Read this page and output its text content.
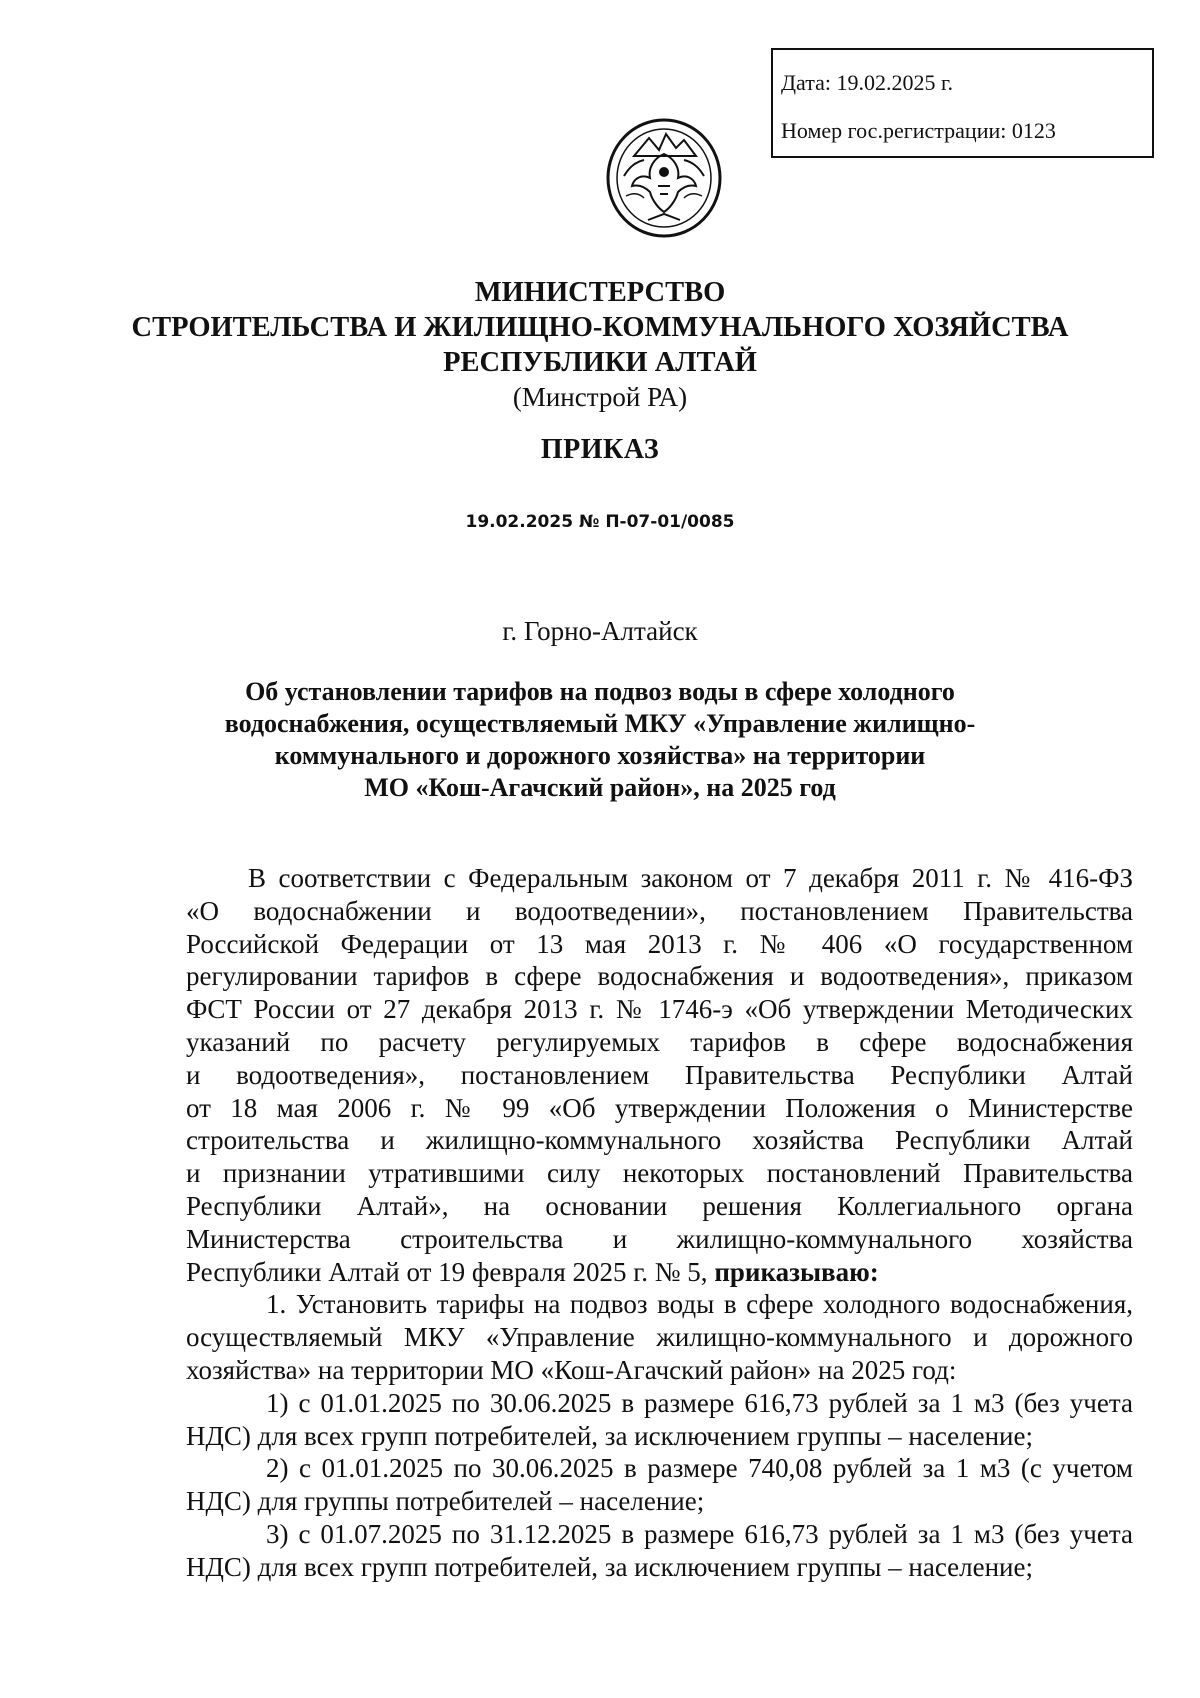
Дата: 19.02.2025 г.
Номер гос.регистрации: 0123
МИНИСТЕРСТВО
СТРОИТЕЛЬСТВА И ЖИЛИЩНО-КОММУНАЛЬНОГО ХОЗЯЙСТВА
РЕСПУБЛИКИ АЛТАЙ
(Минстрой РА)
ПРИКАЗ
19.02.2025 № П-07-01/0085
г. Горно-Алтайск
Об установлении тарифов на подвоз воды в сфере холодного
водоснабжения, осуществляемый МКУ «Управление жилищно-
коммунального и дорожного хозяйства» на территории
МО «Кош-Агачский район», на 2025 год
В соответствии с Федеральным законом от 7 декабря 2011 г. № 416-ФЗ
«О водоснабжении и водоотведении», постановлением Правительства
Российской Федерации от 13 мая 2013 г. № 406 «О государственном
регулировании тарифов в сфере водоснабжения и водоотведения», приказом
ФСТ России от 27 декабря 2013 г. № 1746-э «Об утверждении Методических
указаний по расчету регулируемых тарифов в сфере водоснабжения
и водоотведения», постановлением Правительства Республики Алтай
от 18 мая 2006 г. № 99 «Об утверждении Положения о Министерстве
строительства и жилищно-коммунального хозяйства Республики Алтай
и признании утратившими силу некоторых постановлений Правительства
Республики Алтай», на основании решения Коллегиального органа
Министерства строительства и жилищно-коммунального хозяйства
Республики Алтай от 19 февраля 2025 г. № 5, приказываю:
1. Установить тарифы на подвоз воды в сфере холодного водоснабжения,
осуществляемый МКУ «Управление жилищно-коммунального и дорожного
хозяйства» на территории МО «Кош-Агачский район» на 2025 год:
1) с 01.01.2025 по 30.06.2025 в размере 616,73 рублей за 1 м3 (без учета
НДС) для всех групп потребителей, за исключением группы – население;
2) с 01.01.2025 по 30.06.2025 в размере 740,08 рублей за 1 м3 (с учетом
НДС) для группы потребителей – население;
3) с 01.07.2025 по 31.12.2025 в размере 616,73 рублей за 1 м3 (без учета
НДС) для всех групп потребителей, за исключением группы – население;
